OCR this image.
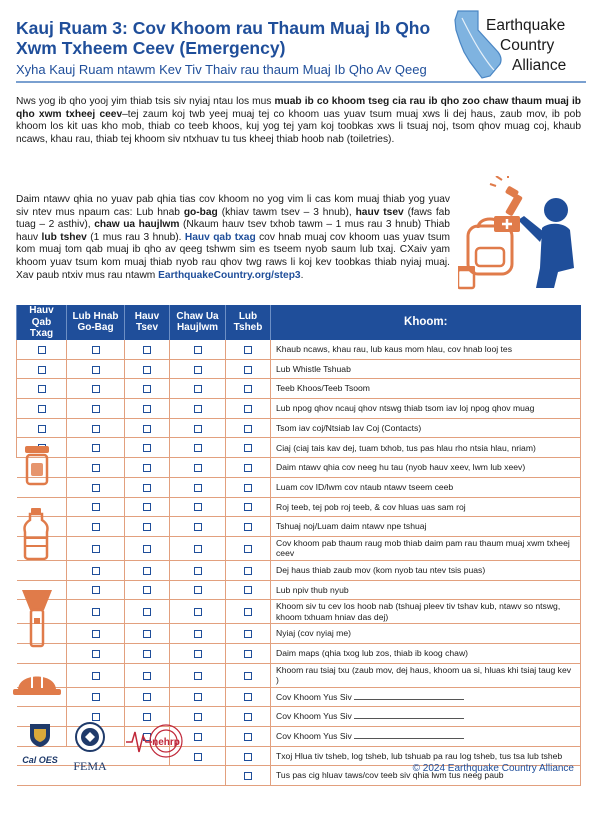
Kauj Ruam 3: Cov Khoom rau Thaum Muaj Ib Qho Xwm Txheem Ceev (Emergency)
Xyha Kauj Ruam ntawm Kev Tiv Thaiv rau thaum Muaj Ib Qho Av Qeeg
Earthquake
Country
Alliance

Nws yog ib qho yooj yim thiab tsis siv nyiaj ntau los mus muab ib co khoom tseg cia rau ib qho zoo chaw thaum muaj ib qho xwm txheej ceev–tej zaum koj twb yeej muaj tej co khoom uas yuav tsum muaj xws li dej haus, zaub mov, ib pob khoom los kit uas kho mob, thiab co teeb khoos, kuj yog tej yam koj toobkas xws li tsuaj noj, tsom qhov muag coj, khaub ncaws, khau rau, thiab tej khoom siv ntxhuav tu tus kheej thiab hoob nab (toiletries).

Daim ntawv qhia no yuav pab qhia tias cov khoom no yog vim li cas kom muaj thiab yog yuav siv ntev mus npaum cas: Lub hnab go-bag (khiav tawm tsev – 3 hnub), hauv tsev (faws fab tuag – 2 asthiv), chaw ua haujlwm (Nkaum hauv tsev txhob tawm – 1 mus rau 3 hnub) Thiab hauv lub tshev (1 mus rau 3 hnub). Hauv qab txag cov hnab muaj cov khoom uas yuav tsum kom muaj tom qab muaj ib qho av qeeg tshwm sim es tseem nyob saum lub txaj. CXaiv yam khoom yuav tsum kom muaj thiab nyob rau qhov twg raws li koj kev toobkas thiab nyiaj muaj. Xav paub ntxiv mus rau ntawm EarthquakeCountry.org/step3.

Hauv Qab Txag	Lub Hnab Go-Bag	Hauv Tsev	Chaw Ua Haujlwm	Lub Tsheb	Khoom:
					Khaub ncaws, khau rau, lub kaus mom hlau, cov hnab looj tes
					Lub Whistle Tshuab
					Teeb Khoos/Teeb Tsoom
					Lub npog qhov ncauj qhov ntswg thiab tsom iav loj npog qhov muag
					Tsom iav coj/Ntsiab Iav Coj (Contacts)
					Ciaj (ciaj tais kav dej, tuam txhob, tus pas hlau rho ntsia hlau, nriam)
					Daim ntawv qhia cov neeg hu tau (nyob hauv xeev, lwm lub xeev)
					Luam cov ID/lwm cov ntaub ntawv tseem ceeb
					Roj teeb, tej pob roj teeb, & cov hluas uas sam roj
					Tshuaj noj/Luam daim ntawv npe tshuaj
					Cov khoom pab thaum raug mob thiab daim pam rau thaum muaj xwm txheej ceev
					Dej haus thiab zaub mov (kom nyob tau ntev tsis puas)
					Lub npiv thub nyub
					Khoom siv tu cev los hoob nab (tshuaj pleev tiv tshav kub, ntawv so ntswg, khoom txhuam hniav das dej)
					Nyiaj (cov nyiaj me)
					Daim maps (qhia txog lub zos, thiab ib koog chaw)
					Khoom rau tsiaj txu (zaub mov, dej haus, khoom ua si, hluas khi tsiaj taug kev )
					Cov Khoom Yus Siv
					Cov Khoom Yus Siv
					Cov Khoom Yus Siv
					Txoj Hlua tiv tsheb, log tsheb, lub tshuab pa rau log tsheb, tus tsa lub tsheb
					Tus pas cig hluav taws/cov teeb siv qhia lwm tus neeg paub
Cal OES	FEMA
nehrp
© 2024 Earthquake Country Alliance
